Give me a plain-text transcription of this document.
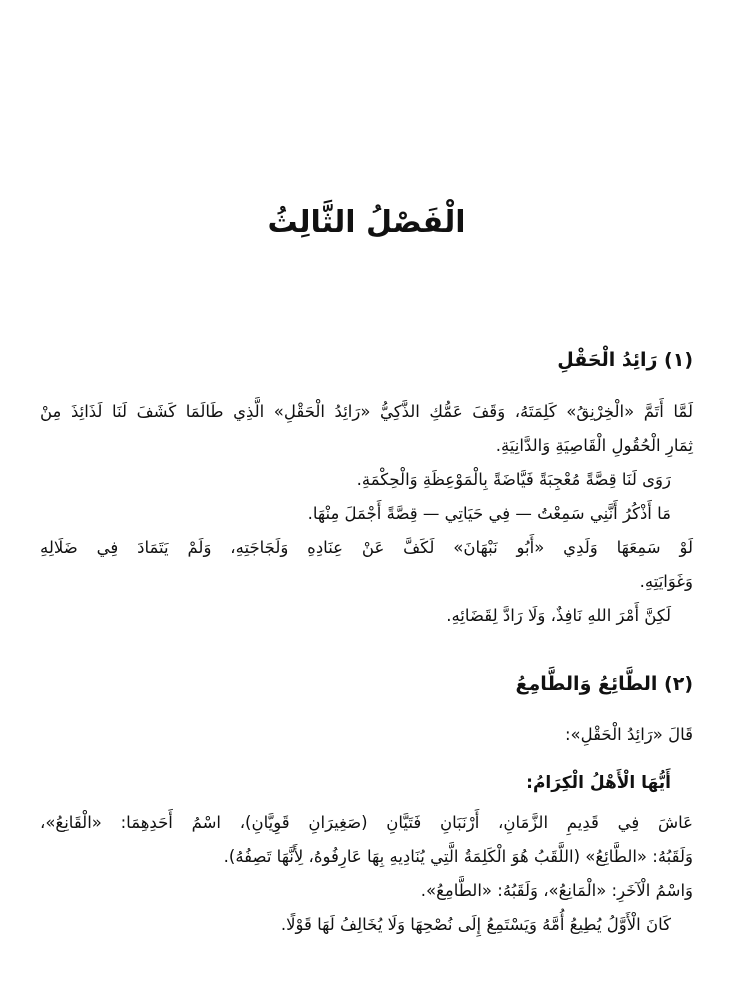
الْفَصْلُ الثَّالِثُ
(١) رَائِدُ الْحَقْلِ
لَمَّا أَتَمَّ «الْخِرْنِقُ» كَلِمَتَهُ، وَقَفَ عَمُّكِ الذَّكِيُّ «رَائِدُ الْحَقْلِ» الَّذِي طَالَمَا كَشَفَ لَنَا لَذَائِذَ مِنْ
ثِمَارِ الْحُقُولِ الْقَاصِيَةِ وَالدَّانِيَةِ.
رَوَى لَنَا قِصَّةً مُعْجِبَةً فَيَّاضَةً بِالْمَوْعِظَةِ وَالْحِكْمَةِ.
مَا أَذْكُرُ أَنَّنِي سَمِعْتُ — فِي حَيَاتِي — قِصَّةً أَجْمَلَ مِنْهَا.
لَوْ سَمِعَهَا وَلَدِي «أَبُو نَبْهَانَ» لَكَفَّ عَنْ عِنَادِهِ وَلَجَاجَتِهِ، وَلَمْ يَتَمَادَ فِي ضَلَالِهِ
وَغَوَايَتِهِ.
لَكِنَّ أَمْرَ اللهِ نَافِذٌ، وَلَا رَادَّ لِقَضَائِهِ.
(٢) الطَّائِعُ وَالطَّامِعُ
قَالَ «رَائِدُ الْحَقْلِ»:
أَيُّهَا الْأَهْلُ الْكِرَامُ:
عَاشَ فِي قَدِيمِ الزَّمَانِ، أَرْنَبَانِ فَتَيَّانِ (صَغِيرَانِ قَوِيَّانِ)، اسْمُ أَحَدِهِمَا: «الْقَانِعُ»،
وَلَقَبُهُ: «الطَّائِعُ» (اللَّقَبُ هُوَ الْكَلِمَةُ الَّتِي يُنَادِيهِ بِهَا عَارِفُوهُ، لِأَنَّهَا تَصِفُهُ).
وَاسْمُ الْآخَرِ: «الْمَانِعُ»، وَلَقَبُهُ: «الطَّامِعُ».
كَانَ الْأَوَّلُ يُطِيعُ أُمَّهُ وَيَسْتَمِعُ إِلَى نُصْحِهَا وَلَا يُخَالِفُ لَهَا قَوْلًا.
